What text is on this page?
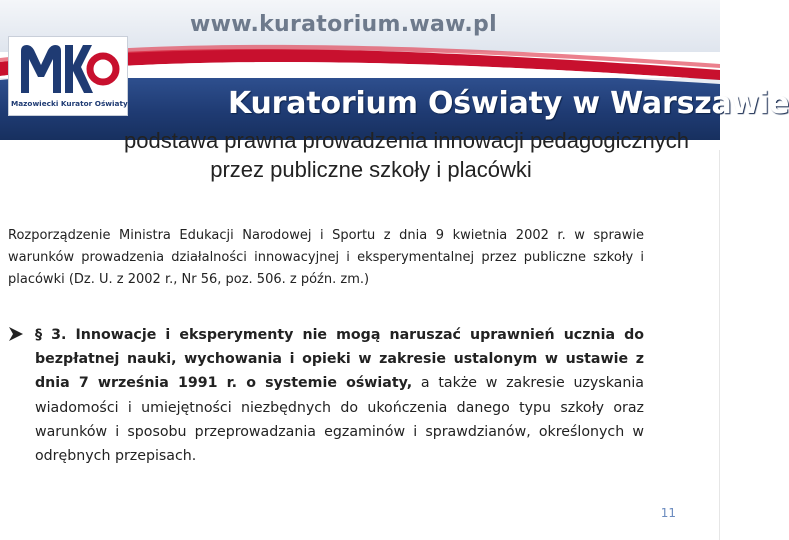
www.kuratorium.waw.pl
Kuratorium Oświaty w Warszawie
Mazowiecki Kurator Oświaty
podstawa prawna prowadzenia innowacji pedagogicznych
przez publiczne szkoły i placówki
Rozporządzenie Ministra Edukacji Narodowej i Sportu z dnia 9 kwietnia 2002 r. w sprawie warunków prowadzenia działalności innowacyjnej i eksperymentalnej przez publiczne szkoły i placówki (Dz. U. z 2002 r., Nr 56, poz. 506. z późn. zm.)
§ 3. Innowacje i eksperymenty nie mogą naruszać uprawnień ucznia do bezpłatnej nauki, wychowania i opieki w zakresie ustalonym w ustawie z dnia 7 września 1991 r. o systemie oświaty, a także w zakresie uzyskania wiadomości i umiejętności niezbędnych do ukończenia danego typu szkoły oraz warunków i sposobu przeprowadzania egzaminów i sprawdzianów, określonych w odrębnych przepisach.
11
